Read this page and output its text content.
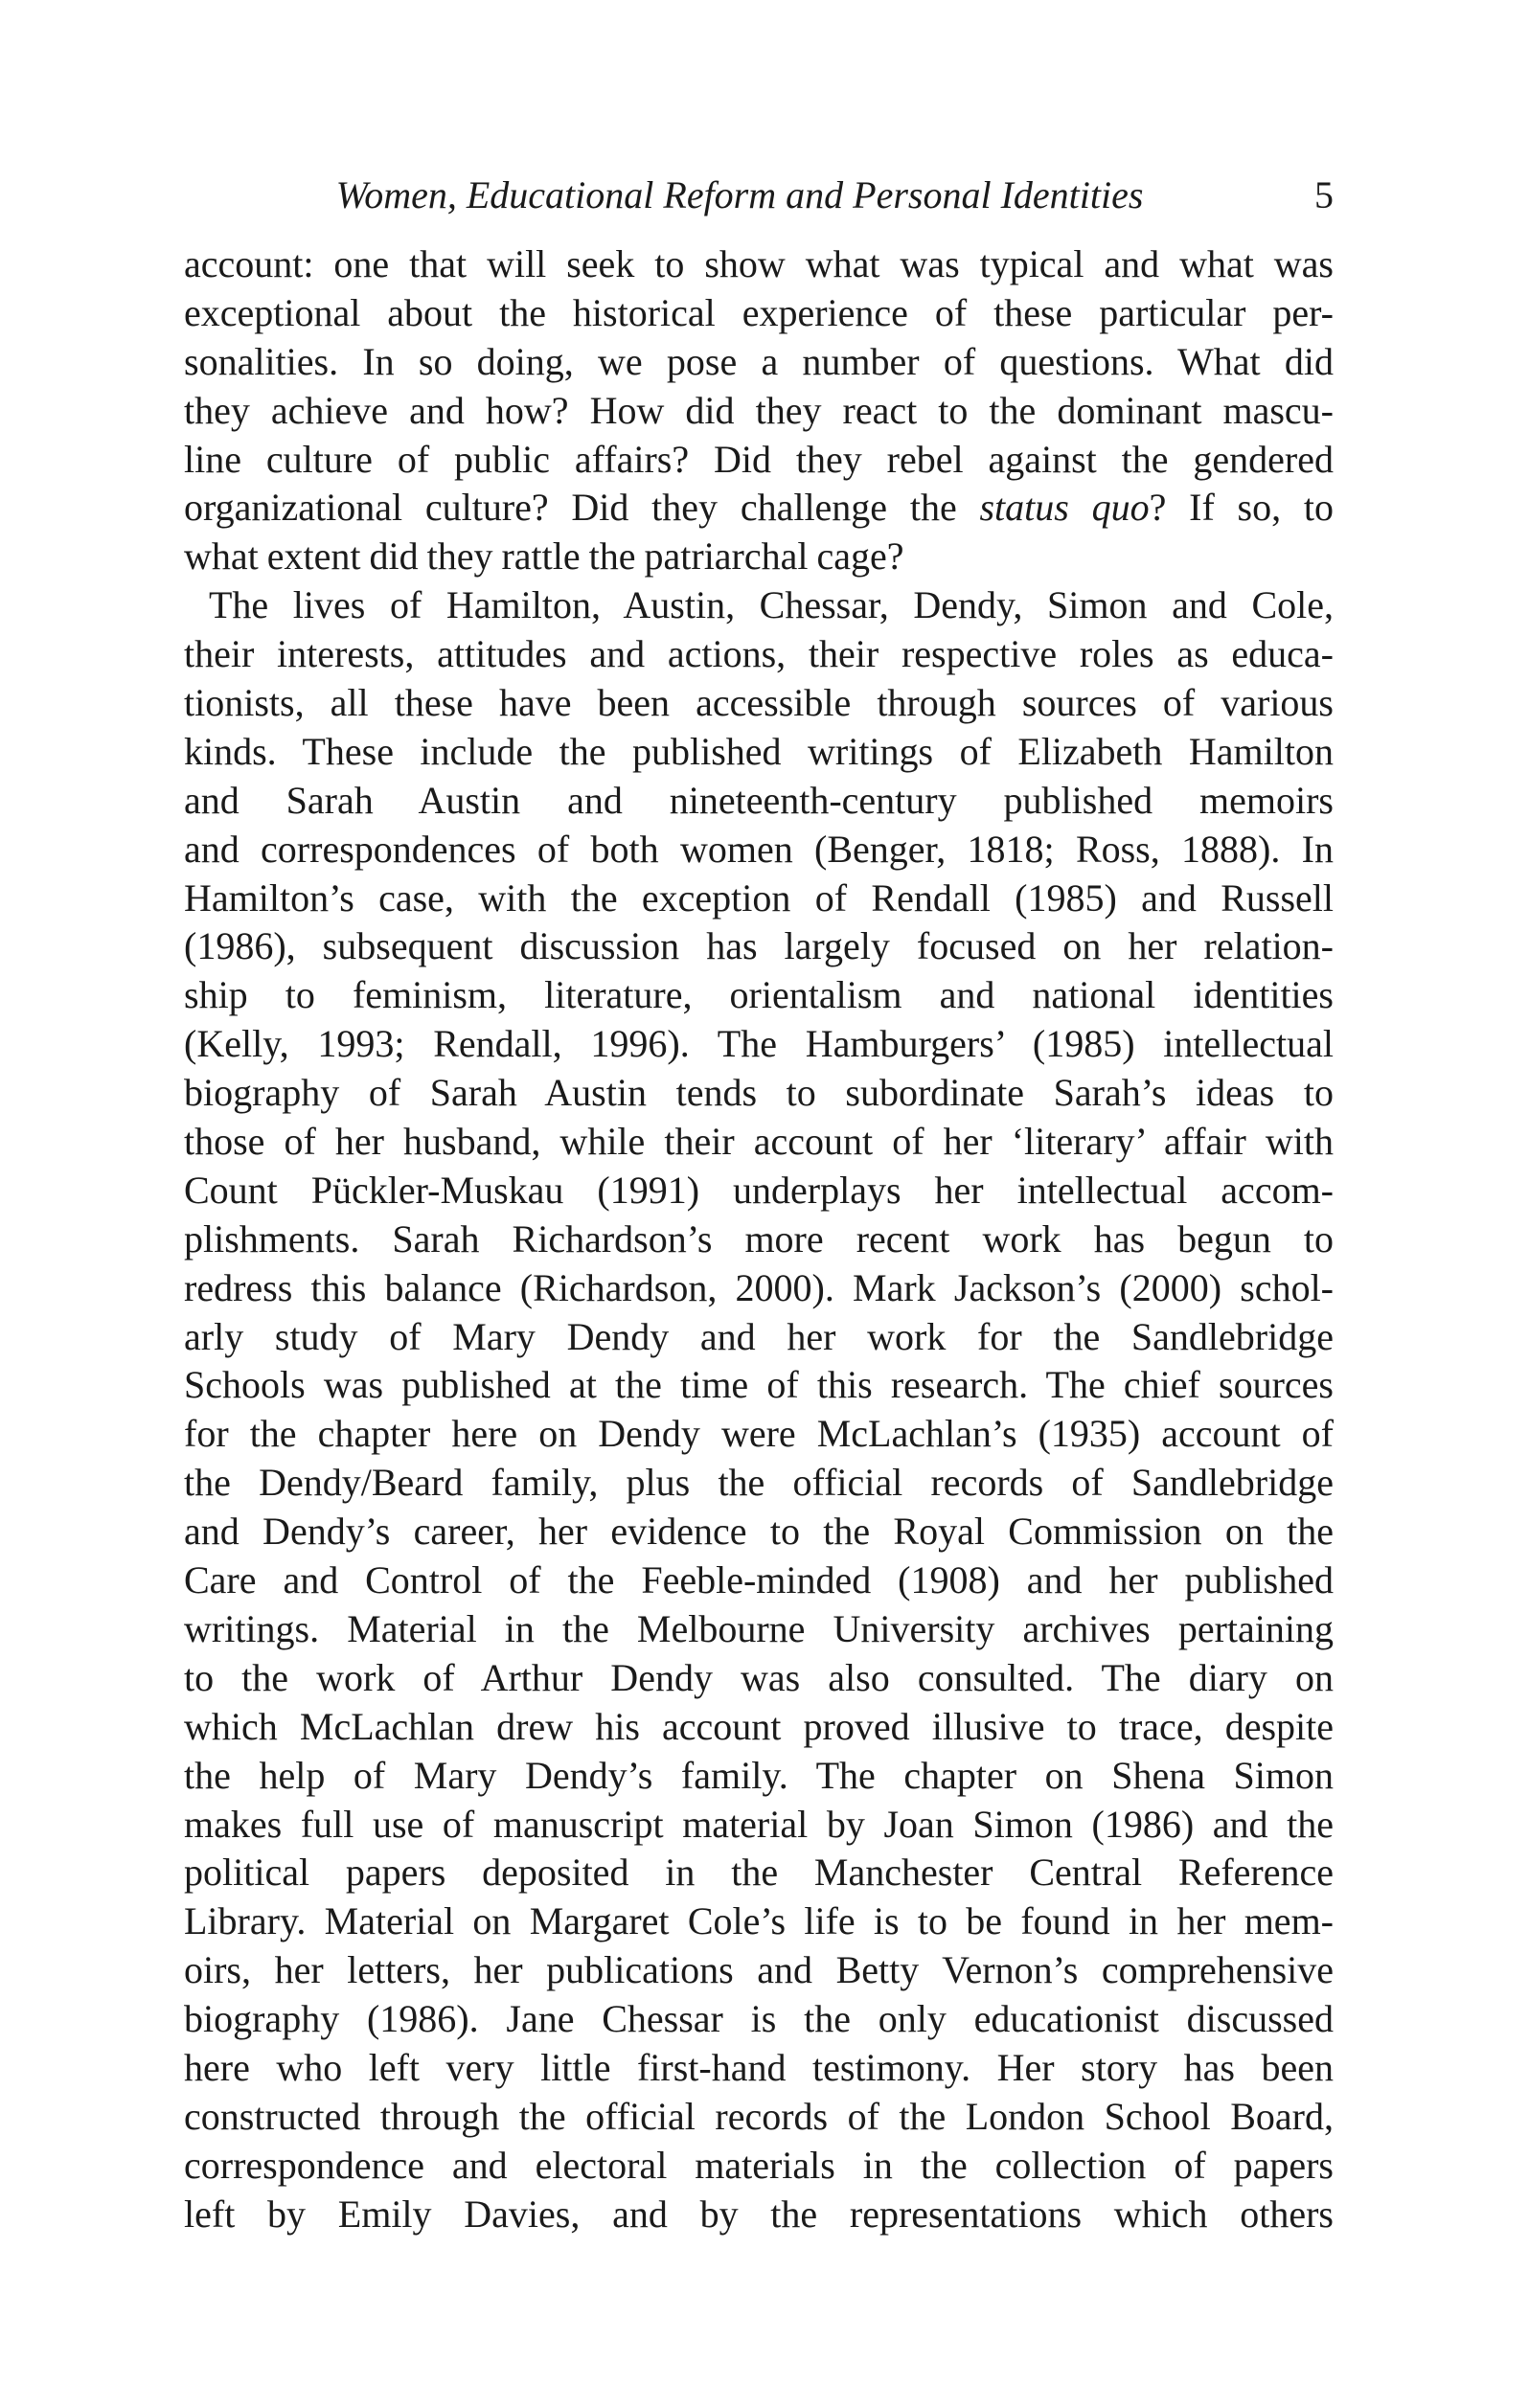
Women, Educational Reform and Personal Identities	5
account: one that will seek to show what was typical and what was
exceptional about the historical experience of these particular per-
sonalities. In so doing, we pose a number of questions. What did
they achieve and how? How did they react to the dominant mascu-
line culture of public affairs? Did they rebel against the gendered
organizational culture? Did they challenge the status quo? If so, to
what extent did they rattle the patriarchal cage?
The lives of Hamilton, Austin, Chessar, Dendy, Simon and Cole,
their interests, attitudes and actions, their respective roles as educa-
tionists, all these have been accessible through sources of various
kinds. These include the published writings of Elizabeth Hamilton
and Sarah Austin and nineteenth-century published memoirs
and correspondences of both women (Benger, 1818; Ross, 1888). In
Hamilton’s case, with the exception of Rendall (1985) and Russell
(1986), subsequent discussion has largely focused on her relation-
ship to feminism, literature, orientalism and national identities
(Kelly, 1993; Rendall, 1996). The Hamburgers’ (1985) intellectual
biography of Sarah Austin tends to subordinate Sarah’s ideas to
those of her husband, while their account of her ‘literary’ affair with
Count Pückler-Muskau (1991) underplays her intellectual accom-
plishments. Sarah Richardson’s more recent work has begun to
redress this balance (Richardson, 2000). Mark Jackson’s (2000) schol-
arly study of Mary Dendy and her work for the Sandlebridge
Schools was published at the time of this research. The chief sources
for the chapter here on Dendy were McLachlan’s (1935) account of
the Dendy/Beard family, plus the official records of Sandlebridge
and Dendy’s career, her evidence to the Royal Commission on the
Care and Control of the Feeble-minded (1908) and her published
writings. Material in the Melbourne University archives pertaining
to the work of Arthur Dendy was also consulted. The diary on
which McLachlan drew his account proved illusive to trace, despite
the help of Mary Dendy’s family. The chapter on Shena Simon
makes full use of manuscript material by Joan Simon (1986) and the
political papers deposited in the Manchester Central Reference
Library. Material on Margaret Cole’s life is to be found in her mem-
oirs, her letters, her publications and Betty Vernon’s comprehensive
biography (1986). Jane Chessar is the only educationist discussed
here who left very little first-hand testimony. Her story has been
constructed through the official records of the London School Board,
correspondence and electoral materials in the collection of papers
left by Emily Davies, and by the representations which others
